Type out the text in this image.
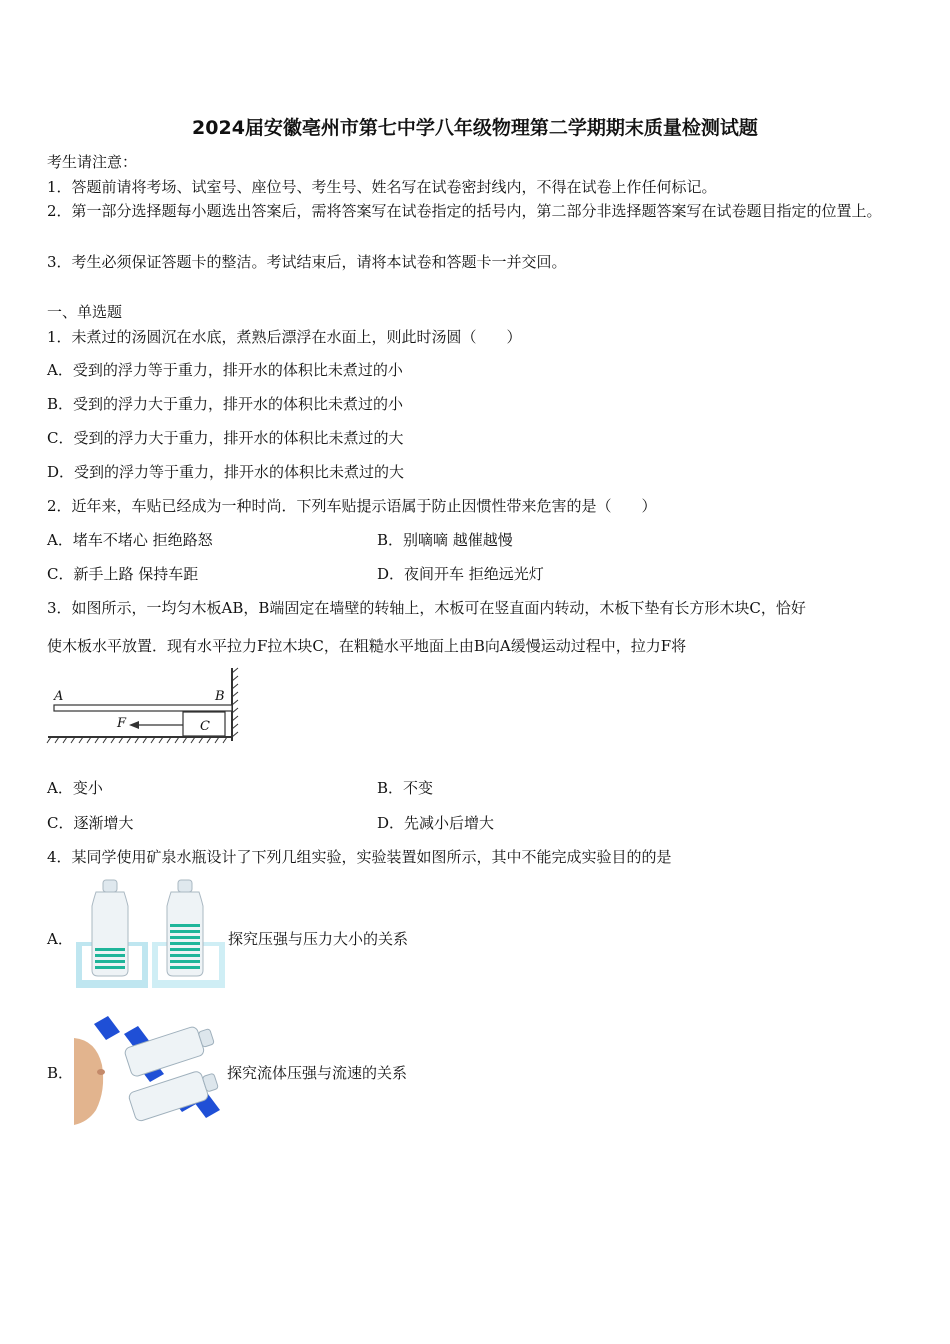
2024届安徽亳州市第七中学八年级物理第二学期期末质量检测试题
考生请注意：
1．答题前请将考场、试室号、座位号、考生号、姓名写在试卷密封线内，不得在试卷上作任何标记。
2．第一部分选择题每小题选出答案后，需将答案写在试卷指定的括号内，第二部分非选择题答案写在试卷题目指定的位置上。
3．考生必须保证答题卡的整洁。考试结束后，请将本试卷和答题卡一并交回。
一、单选题
1．未煮过的汤圆沉在水底，煮熟后漂浮在水面上，则此时汤圆（　　）
A．受到的浮力等于重力，排开水的体积比未煮过的小
B．受到的浮力大于重力，排开水的体积比未煮过的小
C．受到的浮力大于重力，排开水的体积比未煮过的大
D．受到的浮力等于重力，排开水的体积比未煮过的大
2．近年来，车贴已经成为一种时尚．下列车贴提示语属于防止因惯性带来危害的是（　　）
A．堵车不堵心 拒绝路怒	B．别嘀嘀 越催越慢
C．新手上路 保持车距	D．夜间开车 拒绝远光灯
3．如图所示，一均匀木板AB，B端固定在墙壁的转轴上，木板可在竖直面内转动，木板下垫有长方形木块C，恰好
使木板水平放置．现有水平拉力F拉木块C，在粗糙水平地面上由B向A缓慢运动过程中，拉力F将
A	B
F	C
A．变小	B．不变
C．逐渐增大	D．先减小后增大
4．某同学使用矿泉水瓶设计了下列几组实验，实验装置如图所示，其中不能完成实验目的的是
A．	探究压强与压力大小的关系
B．	探究流体压强与流速的关系
